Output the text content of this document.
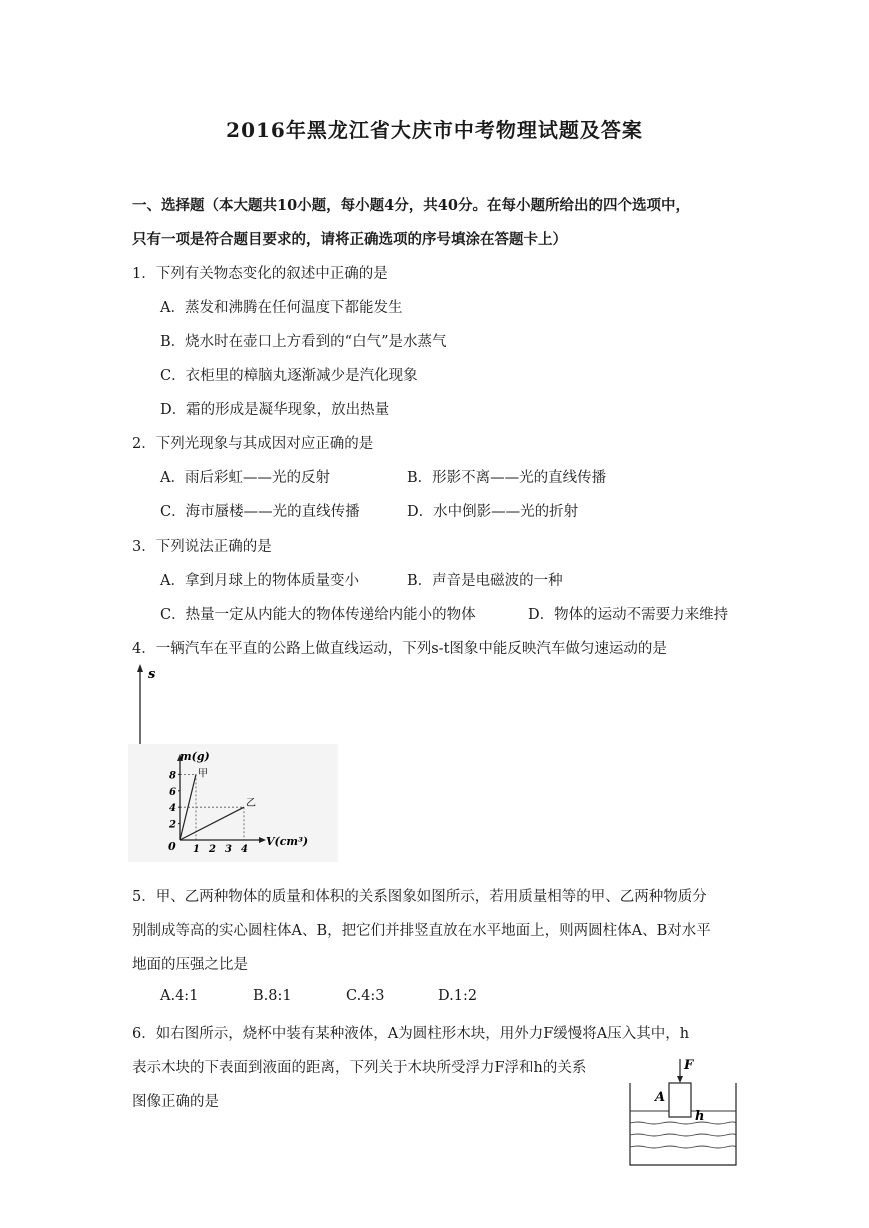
2016年黑龙江省大庆市中考物理试题及答案
一、选择题（本大题共10小题，每小题4分，共40分。在每小题所给出的四个选项中，
只有一项是符合题目要求的，请将正确选项的序号填涂在答题卡上）
1．下列有关物态变化的叙述中正确的是
A．蒸发和沸腾在任何温度下都能发生
B．烧水时在壶口上方看到的“白气”是水蒸气
C．衣柜里的樟脑丸逐渐减少是汽化现象
D．霜的形成是凝华现象，放出热量
2．下列光现象与其成因对应正确的是
A．雨后彩虹——光的反射	B．形影不离——光的直线传播
C．海市蜃楼——光的直线传播	D．水中倒影——光的折射
3．下列说法正确的是
A．拿到月球上的物体质量变小	B．声音是电磁波的一种
C．热量一定从内能大的物体传递给内能小的物体	D．物体的运动不需要力来维持
4．一辆汽车在平直的公路上做直线运动，下列s-t图象中能反映汽车做匀速运动的是
s
2
4
6
8
1 2 3 4
m(g)
V(cm³)
0
甲
乙
5．甲、乙两种物体的质量和体积的关系图象如图所示，若用质量相等的甲、乙两种物质分
别制成等高的实心圆柱体A、B，把它们并排竖直放在水平地面上，则两圆柱体A、B对水平
地面的压强之比是
A.4:1	B.8:1	C.4:3	D.1:2
6．如右图所示，烧杯中装有某种液体，A为圆柱形木块，用外力F缓慢将A压入其中，h
表示木块的下表面到液面的距离，下列关于木块所受浮力F浮和h的关系
图像正确的是
F
A
h
